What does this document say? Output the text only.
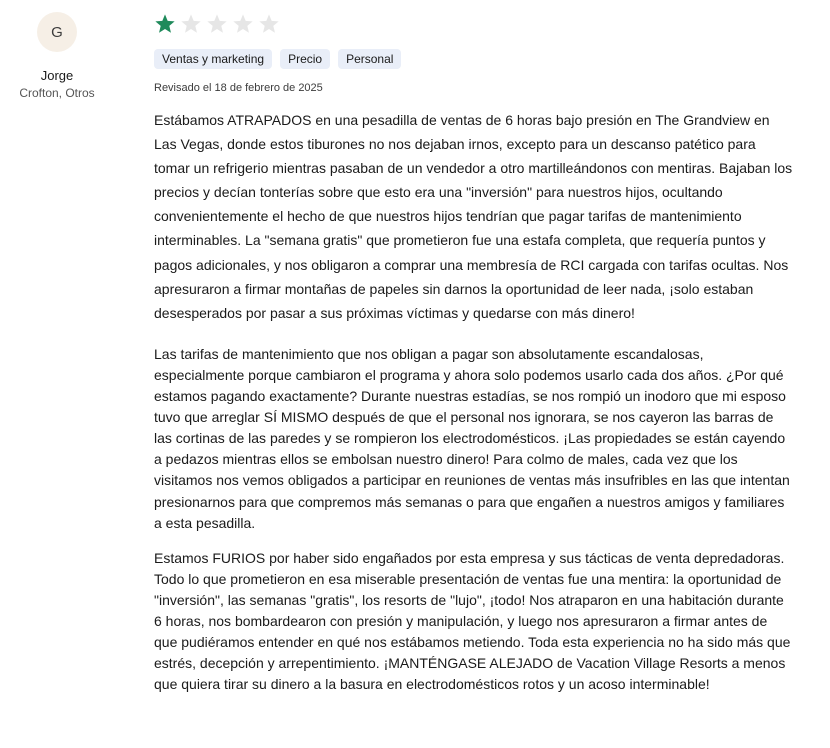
G
Jorge
Crofton, Otros
Ventas y marketing	Precio	Personal
Revisado el 18 de febrero de 2025

Estábamos ATRAPADOS en una pesadilla de ventas de 6 horas bajo presión en The Grandview en Las Vegas, donde estos tiburones no nos dejaban irnos, excepto para un descanso patético para tomar un refrigerio mientras pasaban de un vendedor a otro martilleándonos con mentiras. Bajaban los precios y decían tonterías sobre que esto era una "inversión" para nuestros hijos, ocultando convenientemente el hecho de que nuestros hijos tendrían que pagar tarifas de mantenimiento interminables. La "semana gratis" que prometieron fue una estafa completa, que requería puntos y pagos adicionales, y nos obligaron a comprar una membresía de RCI cargada con tarifas ocultas. Nos apresuraron a firmar montañas de papeles sin darnos la oportunidad de leer nada, ¡solo estaban desesperados por pasar a sus próximas víctimas y quedarse con más dinero!

Las tarifas de mantenimiento que nos obligan a pagar son absolutamente escandalosas, especialmente porque cambiaron el programa y ahora solo podemos usarlo cada dos años. ¿Por qué estamos pagando exactamente? Durante nuestras estadías, se nos rompió un inodoro que mi esposo tuvo que arreglar SÍ MISMO después de que el personal nos ignorara, se nos cayeron las barras de las cortinas de las paredes y se rompieron los electrodomésticos. ¡Las propiedades se están cayendo a pedazos mientras ellos se embolsan nuestro dinero! Para colmo de males, cada vez que los visitamos nos vemos obligados a participar en reuniones de ventas más insufribles en las que intentan presionarnos para que compremos más semanas o para que engañen a nuestros amigos y familiares a esta pesadilla.

Estamos FURIOS por haber sido engañados por esta empresa y sus tácticas de venta depredadoras. Todo lo que prometieron en esa miserable presentación de ventas fue una mentira: la oportunidad de "inversión", las semanas "gratis", los resorts de "lujo", ¡todo! Nos atraparon en una habitación durante 6 horas, nos bombardearon con presión y manipulación, y luego nos apresuraron a firmar antes de que pudiéramos entender en qué nos estábamos metiendo. Toda esta experiencia no ha sido más que estrés, decepción y arrepentimiento. ¡MANTÉNGASE ALEJADO de Vacation Village Resorts a menos que quiera tirar su dinero a la basura en electrodomésticos rotos y un acoso interminable!
